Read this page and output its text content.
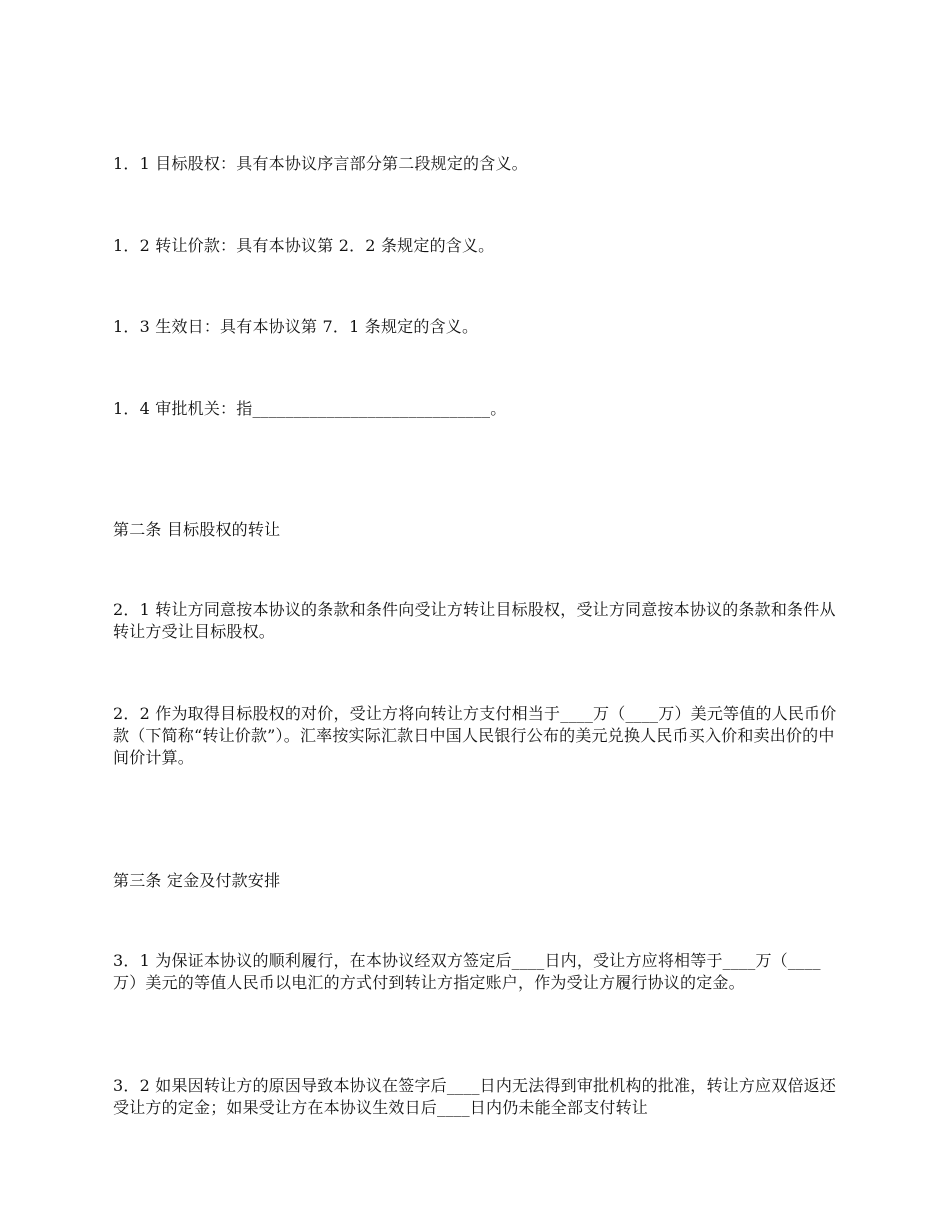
1．1 目标股权：具有本协议序言部分第二段规定的含义。
1．2 转让价款：具有本协议第 2．2 条规定的含义。
1．3 生效日：具有本协议第 7．1 条规定的含义。
1．4 审批机关：指_____________________________。
第二条 目标股权的转让
2．1 转让方同意按本协议的条款和条件向受让方转让目标股权，受让方同意按本协议的条款和条件从转让方受让目标股权。
2．2 作为取得目标股权的对价，受让方将向转让方支付相当于____万（____万）美元等值的人民币价款（下简称“转让价款”）。汇率按实际汇款日中国人民银行公布的美元兑换人民币买入价和卖出价的中间价计算。
第三条 定金及付款安排
3．1 为保证本协议的顺利履行，在本协议经双方签定后____日内，受让方应将相等于____万（____万）美元的等值人民币以电汇的方式付到转让方指定账户，作为受让方履行协议的定金。
3．2 如果因转让方的原因导致本协议在签字后____日内无法得到审批机构的批准，转让方应双倍返还受让方的定金；如果受让方在本协议生效日后____日内仍未能全部支付转让
